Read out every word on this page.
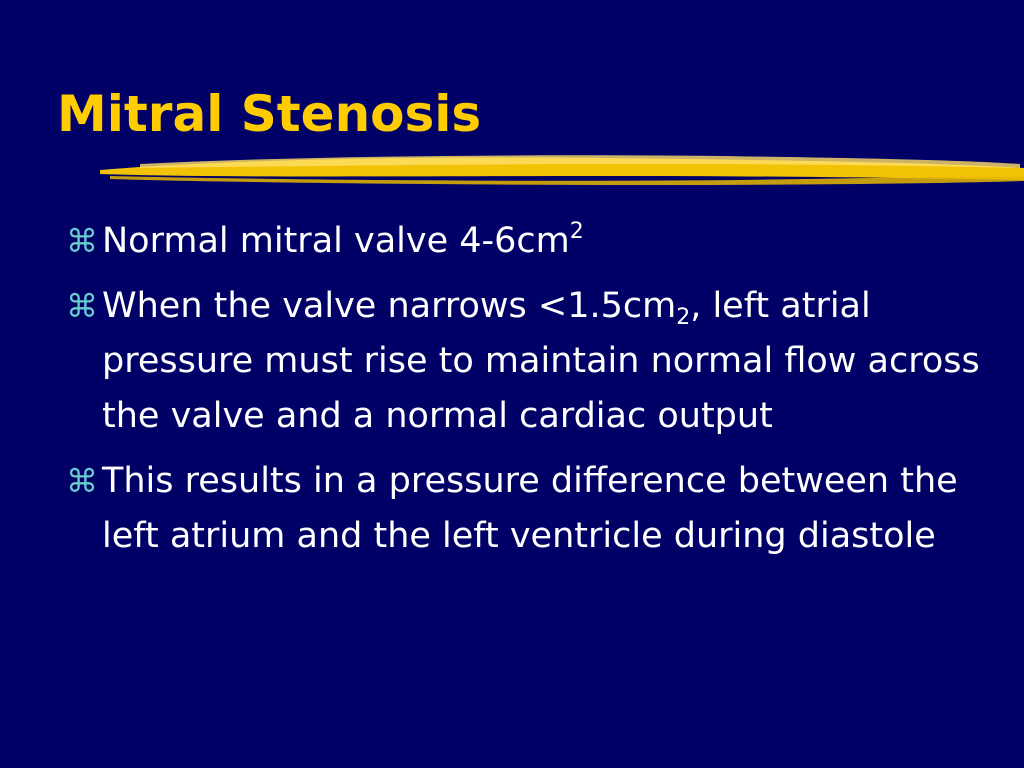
Mitral Stenosis
⌘ Normal mitral valve $4-6cm^2$
⌘ When the valve narrows $<1.5cm_2$, left atrial pressure must rise to maintain normal flow across the valve and a normal cardiac output
⌘ This results in a pressure difference between the left atrium and the left ventricle during diastole
